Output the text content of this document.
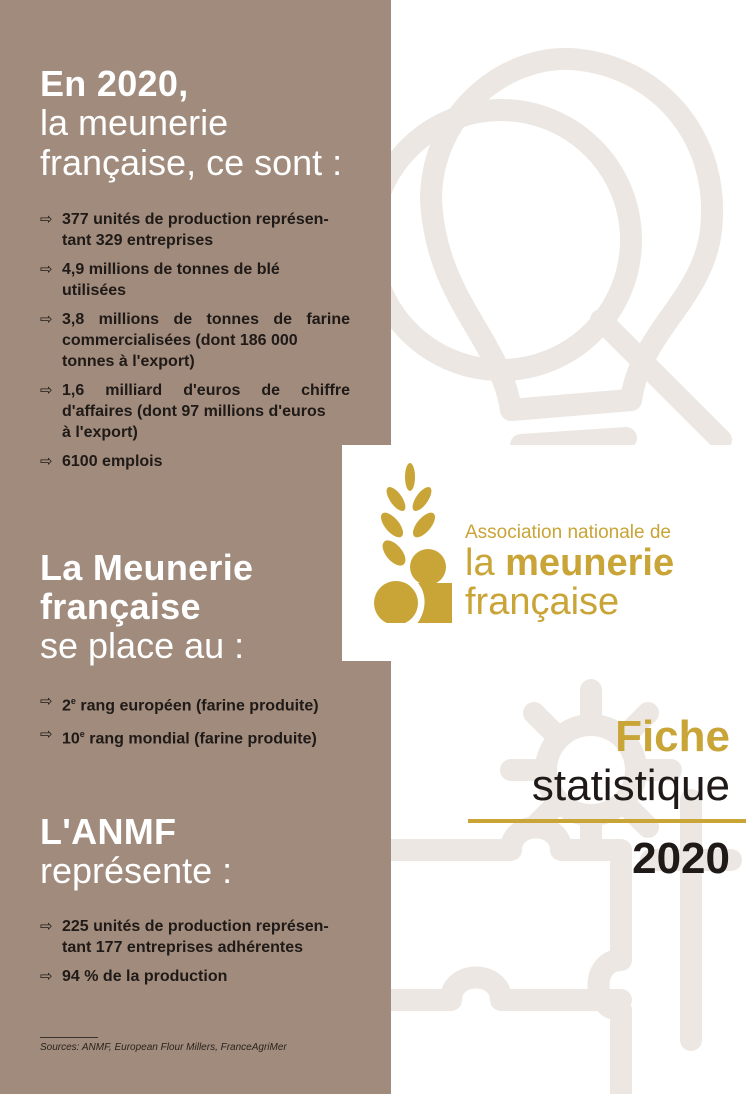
En 2020,
la meunerie
française, ce sont :
⇨ 377 unités de production représen-
tant 329 entreprises
⇨ 4,9 millions de tonnes de blé
utilisées
⇨ 3,8 millions de tonnes de farine commercialisées (dont 186 000
tonnes à l'export)
⇨ 1,6 milliard d'euros de chiffre d'affaires (dont 97 millions d'euros
à l'export)
⇨ 6100 emplois
La Meunerie
française
se place au :
⇨ 2e rang européen (farine produite)
⇨ 10e rang mondial (farine produite)
L'ANMF
représente :
⇨ 225 unités de production représen-
tant 177 entreprises adhérentes
⇨ 94 % de la production
Sources: ANMF, European Flour Millers, FranceAgriMer
Association nationale de
la meunerie
française
Fiche
statistique
2020
